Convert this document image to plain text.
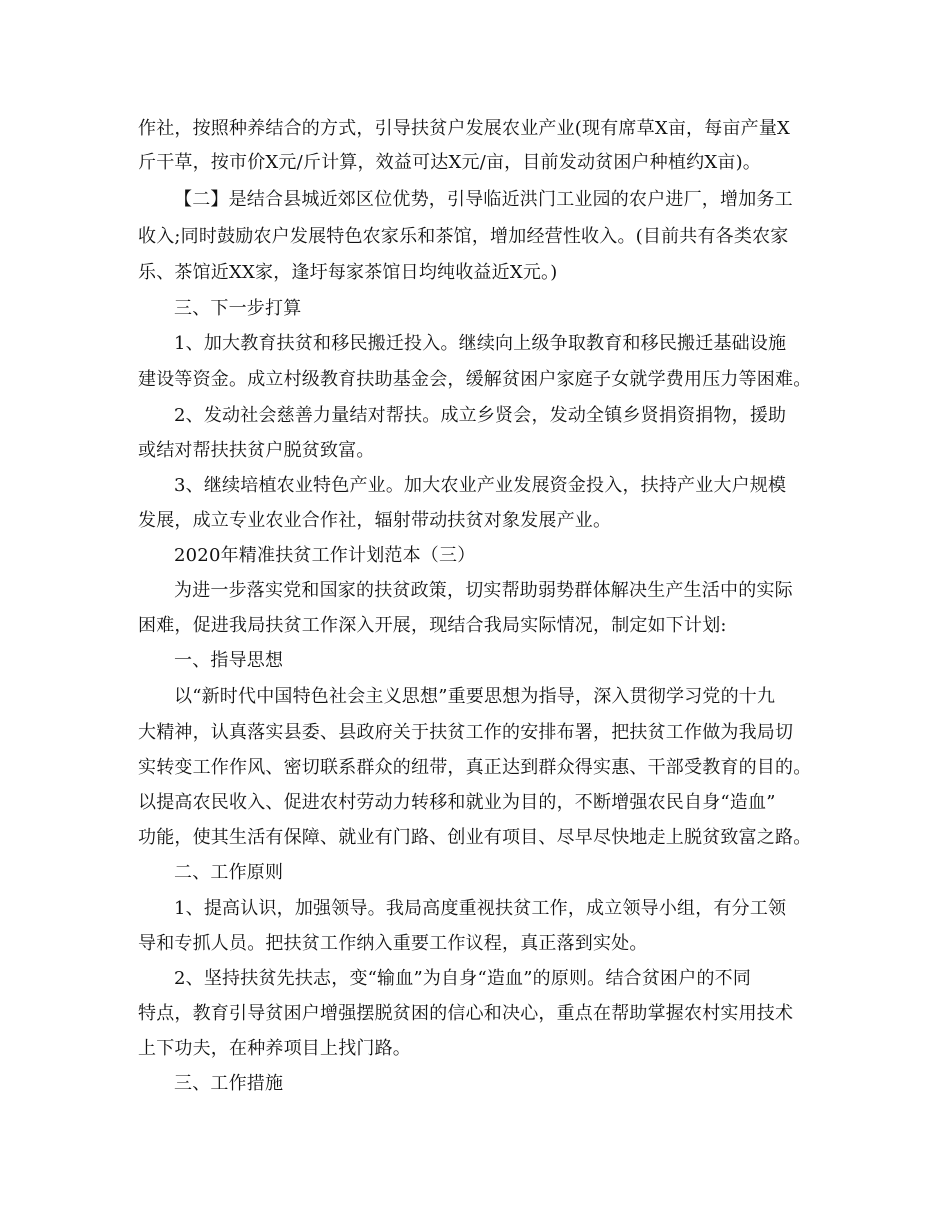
作社，按照种养结合的方式，引导扶贫户发展农业产业(现有席草X亩，每亩产量X
斤干草，按市价X元/斤计算，效益可达X元/亩，目前发动贫困户种植约X亩)。
【二】是结合县城近郊区位优势，引导临近洪门工业园的农户进厂，增加务工
收入;同时鼓励农户发展特色农家乐和茶馆，增加经营性收入。(目前共有各类农家
乐、茶馆近XX家，逢圩每家茶馆日均纯收益近X元。)
三、下一步打算
1、加大教育扶贫和移民搬迁投入。继续向上级争取教育和移民搬迁基础设施
建设等资金。成立村级教育扶助基金会，缓解贫困户家庭子女就学费用压力等困难。
2、发动社会慈善力量结对帮扶。成立乡贤会，发动全镇乡贤捐资捐物，援助
或结对帮扶扶贫户脱贫致富。
3、继续培植农业特色产业。加大农业产业发展资金投入，扶持产业大户规模
发展，成立专业农业合作社，辐射带动扶贫对象发展产业。
2020年精准扶贫工作计划范本（三）
为进一步落实党和国家的扶贫政策，切实帮助弱势群体解决生产生活中的实际
困难，促进我局扶贫工作深入开展，现结合我局实际情况，制定如下计划:
一、指导思想
以“新时代中国特色社会主义思想”重要思想为指导，深入贯彻学习党的十九
大精神，认真落实县委、县政府关于扶贫工作的安排布署，把扶贫工作做为我局切
实转变工作作风、密切联系群众的纽带，真正达到群众得实惠、干部受教育的目的。
以提高农民收入、促进农村劳动力转移和就业为目的，不断增强农民自身“造血”
功能，使其生活有保障、就业有门路、创业有项目、尽早尽快地走上脱贫致富之路。
二、工作原则
1、提高认识，加强领导。我局高度重视扶贫工作，成立领导小组，有分工领
导和专抓人员。把扶贫工作纳入重要工作议程，真正落到实处。
2、坚持扶贫先扶志，变“输血”为自身“造血”的原则。结合贫困户的不同
特点，教育引导贫困户增强摆脱贫困的信心和决心，重点在帮助掌握农村实用技术
上下功夫，在种养项目上找门路。
三、工作措施
